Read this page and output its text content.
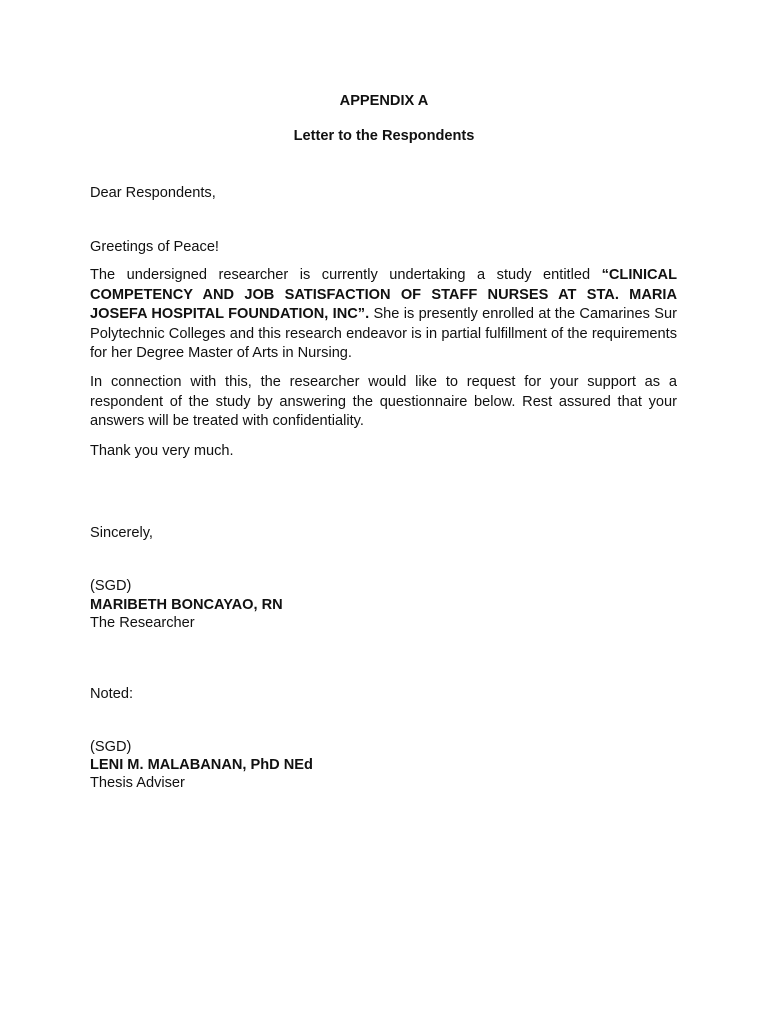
APPENDIX A
Letter to the Respondents
Dear Respondents,
Greetings of Peace!

The undersigned researcher is currently undertaking a study entitled “CLINICAL COMPETENCY AND JOB SATISFACTION OF STAFF NURSES AT STA. MARIA JOSEFA HOSPITAL FOUNDATION, INC”. She is presently enrolled at the Camarines Sur Polytechnic Colleges and this research endeavor is in partial fulfillment of the requirements for her Degree Master of Arts in Nursing.

In connection with this, the researcher would like to request for your support as a respondent of the study by answering the questionnaire below. Rest assured that your answers will be treated with confidentiality.

Thank you very much.
Sincerely,
(SGD)
MARIBETH BONCAYAO, RN
The Researcher
Noted:
(SGD)
LENI M. MALABANAN, PhD NEd
Thesis Adviser
